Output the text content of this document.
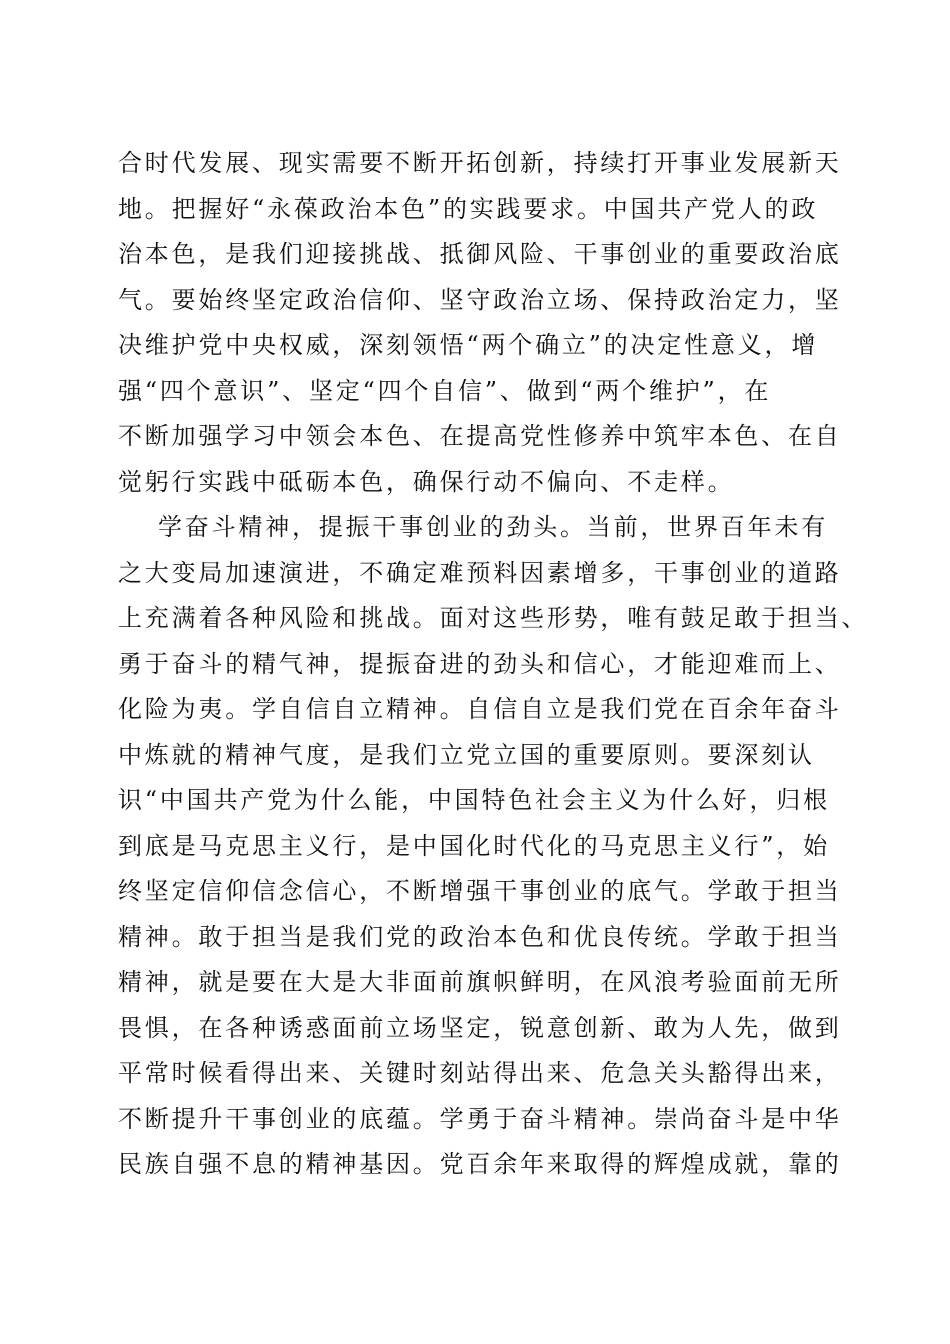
合时代发展、现实需要不断开拓创新，持续打开事业发展新天
地。把握好“永葆政治本色”的实践要求。中国共产党人的政
治本色，是我们迎接挑战、抵御风险、干事创业的重要政治底
气。要始终坚定政治信仰、坚守政治立场、保持政治定力，坚
决维护党中央权威，深刻领悟“两个确立”的决定性意义，增
强“四个意识”、坚定“四个自信”、做到“两个维护”，在
不断加强学习中领会本色、在提高党性修养中筑牢本色、在自
觉躬行实践中砥砺本色，确保行动不偏向、不走样。
学奋斗精神，提振干事创业的劲头。当前，世界百年未有
之大变局加速演进，不确定难预料因素增多，干事创业的道路
上充满着各种风险和挑战。面对这些形势，唯有鼓足敢于担当、
勇于奋斗的精气神，提振奋进的劲头和信心，才能迎难而上、
化险为夷。学自信自立精神。自信自立是我们党在百余年奋斗
中炼就的精神气度，是我们立党立国的重要原则。要深刻认
识“中国共产党为什么能，中国特色社会主义为什么好，归根
到底是马克思主义行，是中国化时代化的马克思主义行”，始
终坚定信仰信念信心，不断增强干事创业的底气。学敢于担当
精神。敢于担当是我们党的政治本色和优良传统。学敢于担当
精神，就是要在大是大非面前旗帜鲜明，在风浪考验面前无所
畏惧，在各种诱惑面前立场坚定，锐意创新、敢为人先，做到
平常时候看得出来、关键时刻站得出来、危急关头豁得出来，
不断提升干事创业的底蕴。学勇于奋斗精神。崇尚奋斗是中华
民族自强不息的精神基因。党百余年来取得的辉煌成就，靠的
